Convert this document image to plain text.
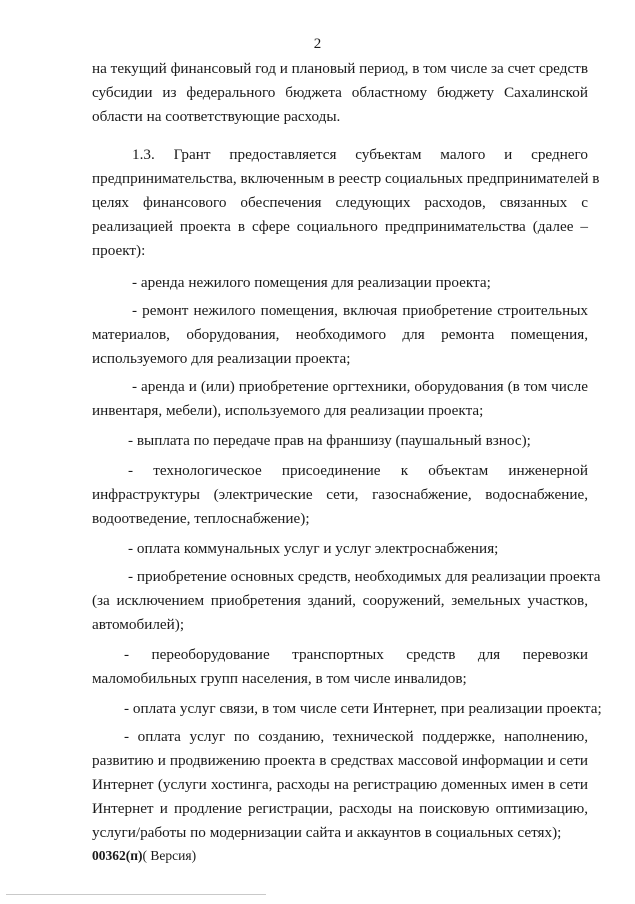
2
на текущий финансовый год и плановый период, в том числе за счет средств
субсидии из федерального бюджета областному бюджету Сахалинской
области на соответствующие расходы.
1.3. Грант предоставляется субъектам малого и среднего
предпринимательства, включенным в реестр социальных предпринимателей в
целях финансового обеспечения следующих расходов, связанных с
реализацией проекта в сфере социального предпринимательства (далее –
проект):
- аренда нежилого помещения для реализации проекта;
- ремонт нежилого помещения, включая приобретение строительных
материалов, оборудования, необходимого для ремонта помещения,
используемого для реализации проекта;
- аренда и (или) приобретение оргтехники, оборудования (в том числе
инвентаря, мебели), используемого для реализации проекта;
- выплата по передаче прав на франшизу (паушальный взнос);
- технологическое присоединение к объектам инженерной
инфраструктуры (электрические сети, газоснабжение, водоснабжение,
водоотведение, теплоснабжение);
- оплата коммунальных услуг и услуг электроснабжения;
- приобретение основных средств, необходимых для реализации проекта
(за исключением приобретения зданий, сооружений, земельных участков,
автомобилей);
- переоборудование транспортных средств для перевозки
маломобильных групп населения, в том числе инвалидов;
- оплата услуг связи, в том числе сети Интернет, при реализации проекта;
- оплата услуг по созданию, технической поддержке, наполнению,
развитию и продвижению проекта в средствах массовой информации и сети
Интернет (услуги хостинга, расходы на регистрацию доменных имен в сети
Интернет и продление регистрации, расходы на поисковую оптимизацию,
услуги/работы по модернизации сайта и аккаунтов в социальных сетях);
00362(п)( Версия)
